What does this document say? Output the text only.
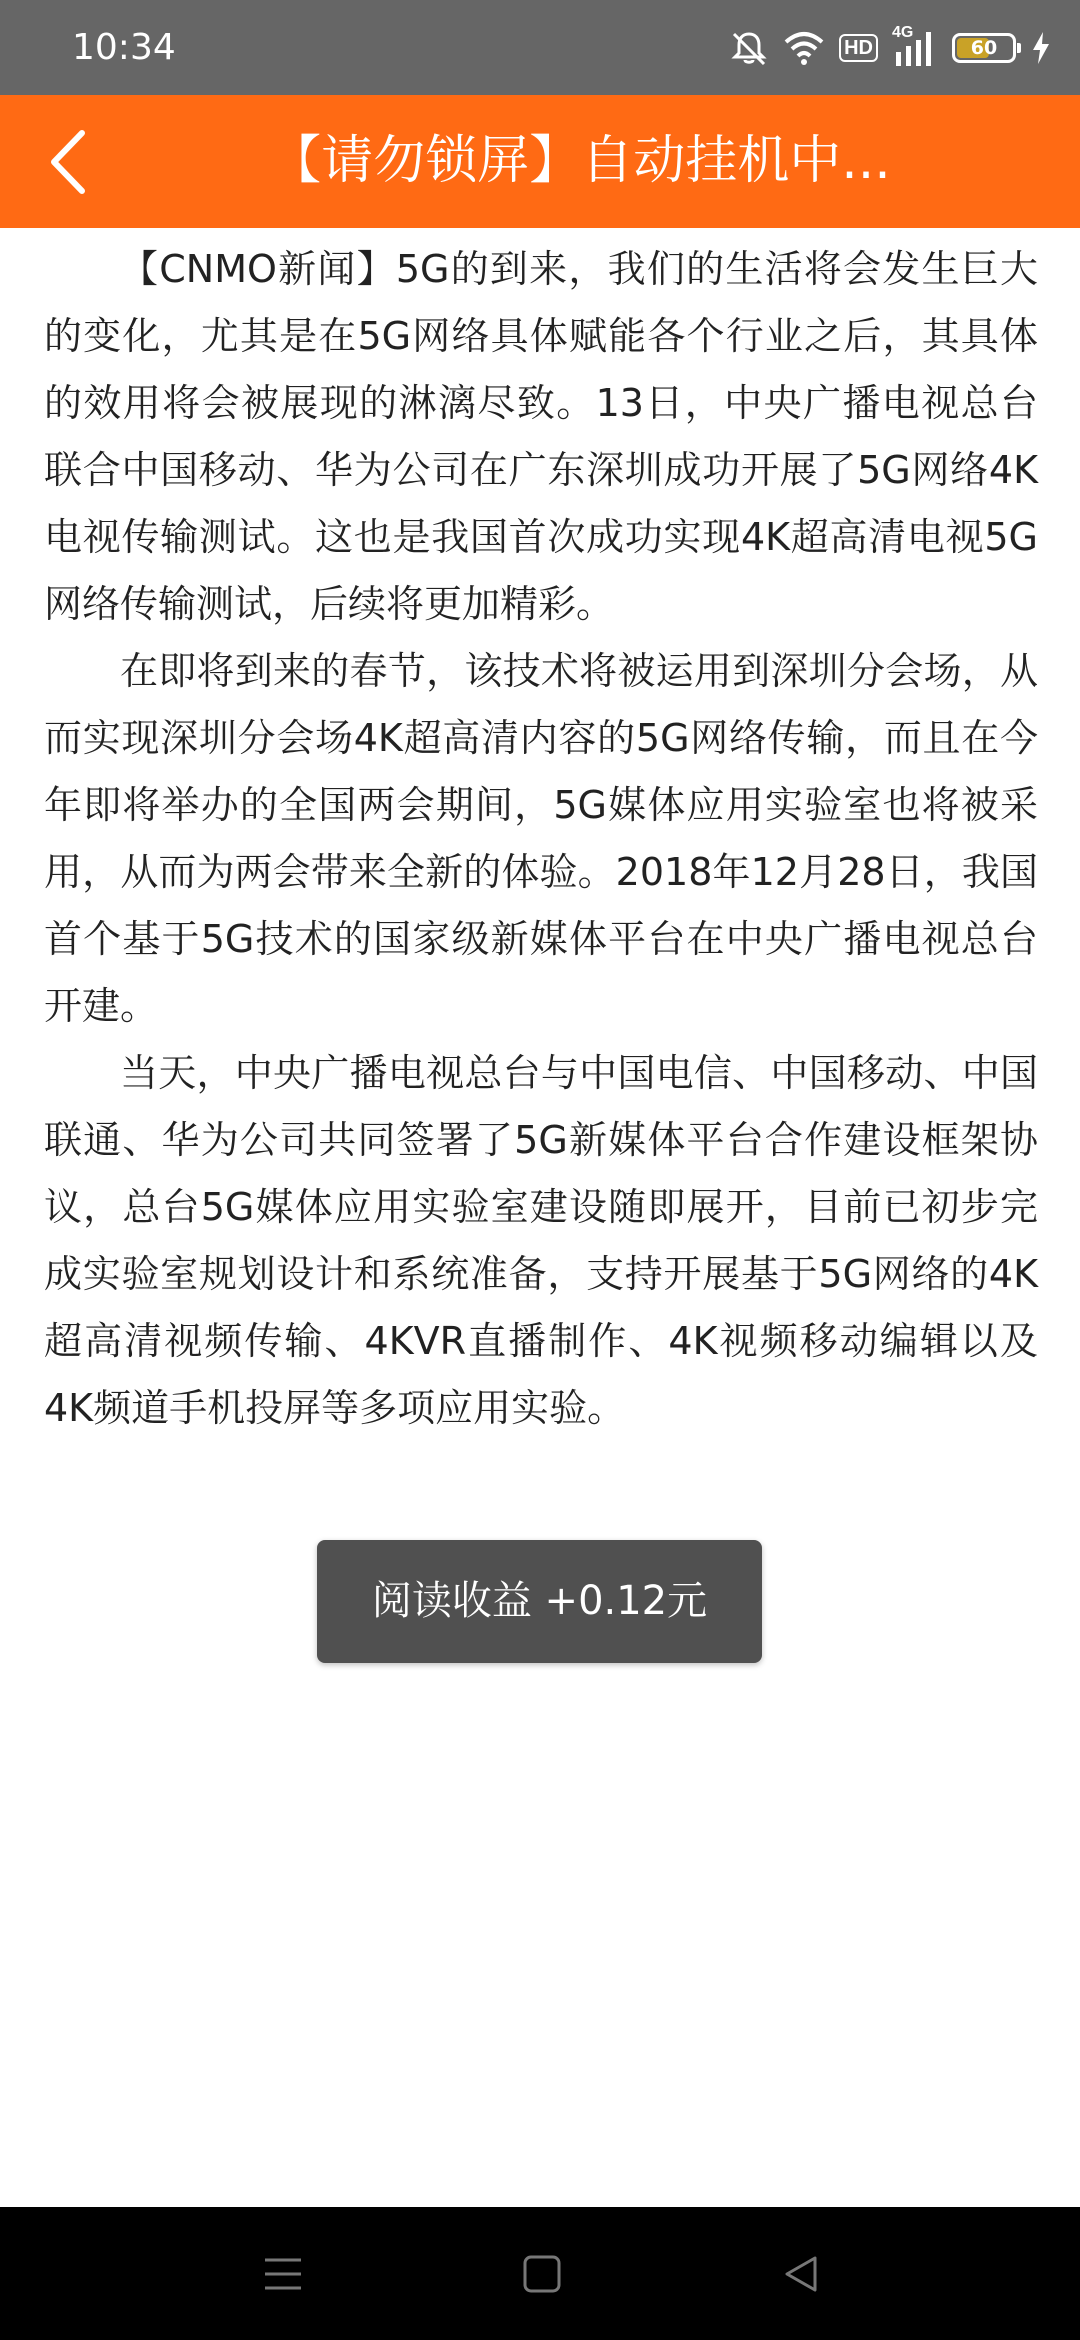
10:34	HD
4G
60
【请勿锁屏】自动挂机中...

【CNMO新闻】5G的到来，我们的生活将会发生巨大的变化，尤其是在5G网络具体赋能各个行业之后，其具体的效用将会被展现的淋漓尽致。13日，中央广播电视总台联合中国移动、华为公司在广东深圳成功开展了5G网络4K电视传输测试。这也是我国首次成功实现4K超高清电视5G网络传输测试，后续将更加精彩。

在即将到来的春节，该技术将被运用到深圳分会场，从而实现深圳分会场4K超高清内容的5G网络传输，而且在今年即将举办的全国两会期间，5G媒体应用实验室也将被采用，从而为两会带来全新的体验。2018年12月28日，我国首个基于5G技术的国家级新媒体平台在中央广播电视总台开建。

当天，中央广播电视总台与中国电信、中国移动、中国联通、华为公司共同签署了5G新媒体平台合作建设框架协议，总台5G媒体应用实验室建设随即展开，目前已初步完成实验室规划设计和系统准备，支持开展基于5G网络的4K超高清视频传输、4KVR直播制作、4K视频移动编辑以及4K频道手机投屏等多项应用实验。

阅读收益 +0.12元
